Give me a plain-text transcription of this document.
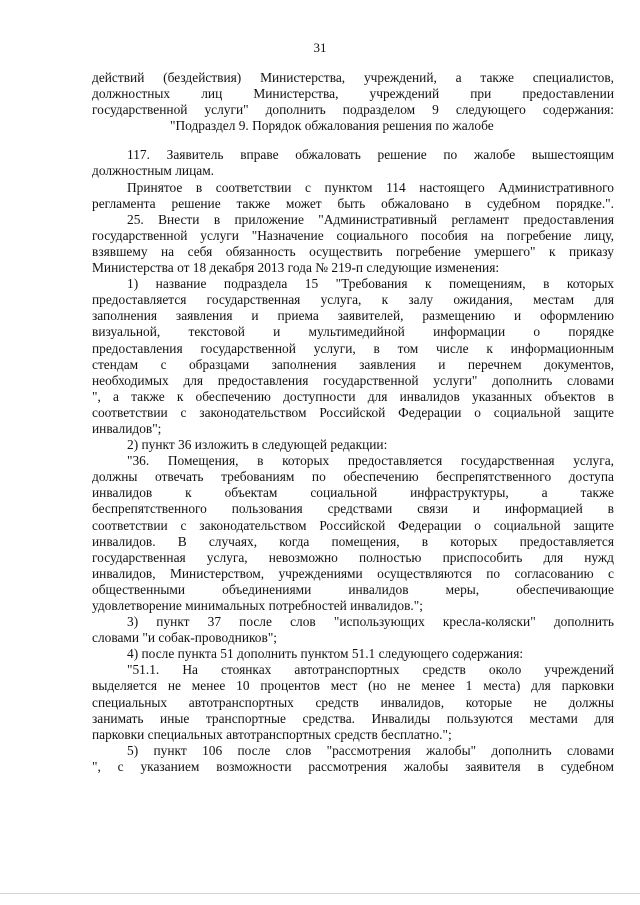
31
действий (бездействия) Министерства, учреждений, а также специалистов,
должностных лиц Министерства, учреждений при предоставлении
государственной услуги" дополнить подразделом 9 следующего содержания:
"Подраздел 9. Порядок обжалования решения по жалобе
117. Заявитель вправе обжаловать решение по жалобе вышестоящим
должностным лицам.
Принятое в соответствии с пунктом 114 настоящего Административного
регламента решение также может быть обжаловано в судебном порядке.".
25. Внести в приложение "Административный регламент предоставления
государственной услуги "Назначение социального пособия на погребение лицу,
взявшему на себя обязанность осуществить погребение умершего" к приказу
Министерства от 18 декабря 2013 года № 219-п следующие изменения:
1) название подраздела 15 "Требования к помещениям, в которых
предоставляется государственная услуга, к залу ожидания, местам для
заполнения заявления и приема заявителей, размещению и оформлению
визуальной, текстовой и мультимедийной информации о порядке
предоставления государственной услуги, в том числе к информационным
стендам с образцами заполнения заявления и перечнем документов,
необходимых для предоставления государственной услуги" дополнить словами
", а также к обеспечению доступности для инвалидов указанных объектов в
соответствии с законодательством Российской Федерации о социальной защите
инвалидов";
2) пункт 36 изложить в следующей редакции:
"36. Помещения, в которых предоставляется государственная услуга,
должны отвечать требованиям по обеспечению беспрепятственного доступа
инвалидов к объектам социальной инфраструктуры, а также
беспрепятственного пользования средствами связи и информацией в
соответствии с законодательством Российской Федерации о социальной защите
инвалидов. В случаях, когда помещения, в которых предоставляется
государственная услуга, невозможно полностью приспособить для нужд
инвалидов, Министерством, учреждениями осуществляются по согласованию с
общественными объединениями инвалидов меры, обеспечивающие
удовлетворение минимальных потребностей инвалидов.";
3) пункт 37 после слов "использующих кресла-коляски" дополнить
словами "и собак-проводников";
4) после пункта 51 дополнить пунктом 51.1 следующего содержания:
"51.1. На стоянках автотранспортных средств около учреждений
выделяется не менее 10 процентов мест (но не менее 1 места) для парковки
специальных автотранспортных средств инвалидов, которые не должны
занимать иные транспортные средства. Инвалиды пользуются местами для
парковки специальных автотранспортных средств бесплатно.";
5) пункт 106 после слов "рассмотрения жалобы" дополнить словами
", с указанием возможности рассмотрения жалобы заявителя в судебном
